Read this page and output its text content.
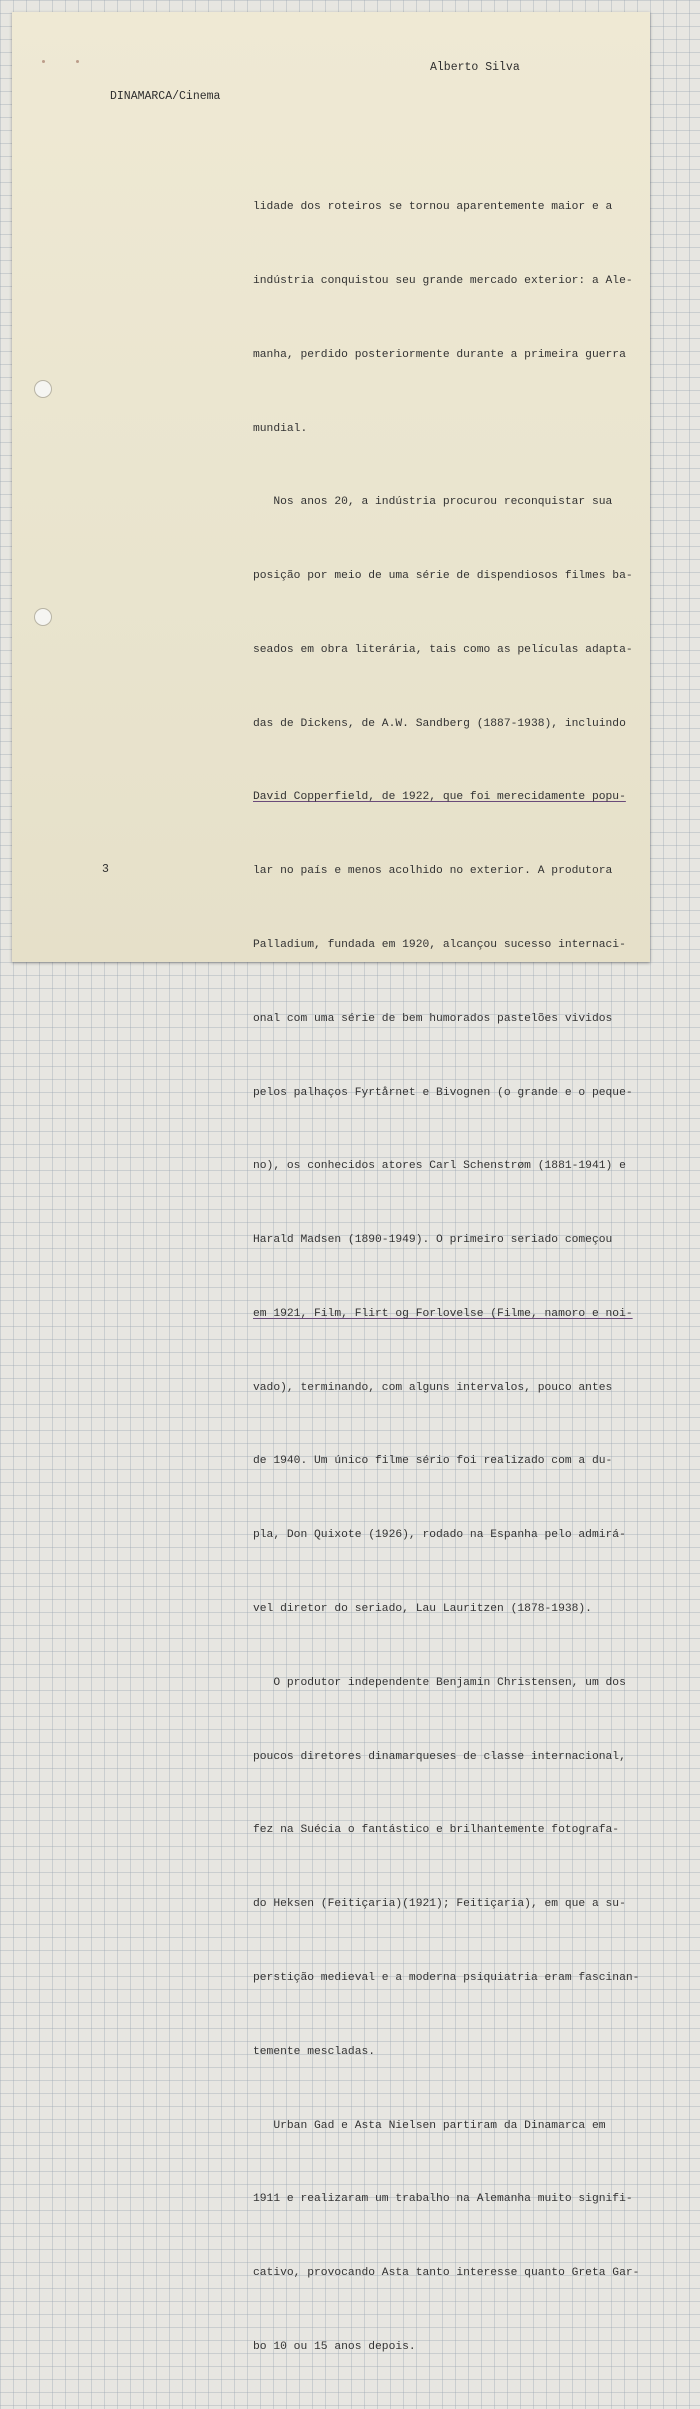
Alberto Silva
DINAMARCA/Cinema
3

lidade dos roteiros se tornou aparentemente maior e a

indústria conquistou seu grande mercado exterior: a Ale-

manha, perdido posteriormente durante a primeira guerra

mundial.

Nos anos 20, a indústria procurou reconquistar sua

posição por meio de uma série de dispendiosos filmes ba-

seados em obra literária, tais como as películas adapta-

das de Dickens, de A.W. Sandberg (1887-1938), incluindo

David Copperfield, de 1922, que foi merecidamente popu-

lar no país e menos acolhido no exterior. A produtora

Palladium, fundada em 1920, alcançou sucesso internaci-

onal com uma série de bem humorados pastelões vividos

pelos palhaços Fyrtårnet e Bivognen (o grande e o peque-

no), os conhecidos atores Carl Schenstrøm (1881-1941) e

Harald Madsen (1890-1949). O primeiro seriado começou

em 1921, Film, Flirt og Forlovelse (Filme, namoro e noi-

vado), terminando, com alguns intervalos, pouco antes

de 1940. Um único filme sério foi realizado com a du-

pla, Don Quixote (1926), rodado na Espanha pelo admirá-

vel diretor do seriado, Lau Lauritzen (1878-1938).

O produtor independente Benjamin Christensen, um dos

poucos diretores dinamarqueses de classe internacional,

fez na Suécia o fantástico e brilhantemente fotografa-

do Heksen (Feitiçaria)(1921); Feitiçaria), em que a su-

perstição medieval e a moderna psiquiatria eram fascinan-

temente mescladas.

Urban Gad e Asta Nielsen partiram da Dinamarca em

1911 e realizaram um trabalho na Alemanha muito signifi-

cativo, provocando Asta tanto interesse quanto Greta Gar-

bo 10 ou 15 anos depois.
